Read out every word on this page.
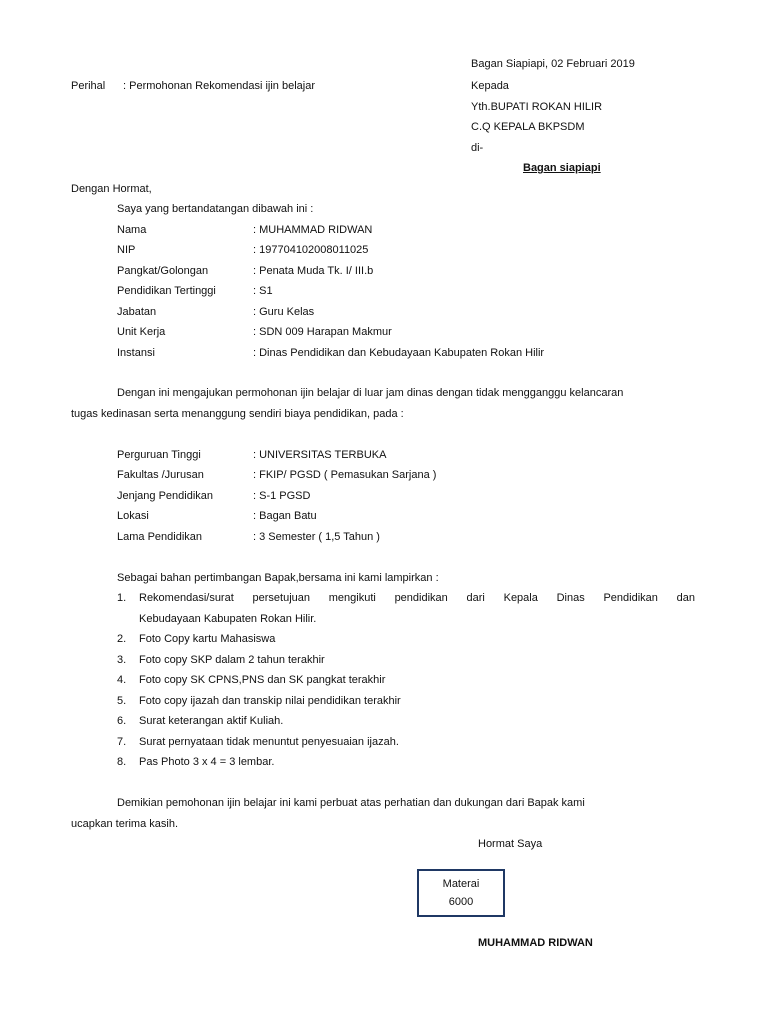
Bagan Siapiapi, 02 Februari 2019
Perihal : Permohonan Rekomendasi ijin belajar	Kepada
Yth.BUPATI ROKAN HILIR
C.Q KEPALA BKPSDM
di-
Bagan siapiapi
Dengan Hormat,
Saya yang bertandatangan dibawah ini :
Nama	: MUHAMMAD RIDWAN
NIP	: 197704102008011025
Pangkat/Golongan	: Penata Muda Tk. I/ III.b
Pendidikan Tertinggi	: S1
Jabatan	: Guru Kelas
Unit Kerja	: SDN 009 Harapan Makmur
Instansi	: Dinas Pendidikan dan Kebudayaan Kabupaten Rokan Hilir
Dengan ini mengajukan permohonan ijin belajar di luar jam dinas dengan tidak mengganggu kelancaran
tugas kedinasan serta menanggung sendiri biaya pendidikan, pada :
Perguruan Tinggi	: UNIVERSITAS TERBUKA
Fakultas /Jurusan	: FKIP/ PGSD ( Pemasukan Sarjana )
Jenjang Pendidikan	: S-1 PGSD
Lokasi	: Bagan Batu
Lama Pendidikan	: 3 Semester ( 1,5 Tahun )
Sebagai bahan pertimbangan Bapak,bersama ini kami lampirkan :
1. Rekomendasi/surat persetujuan mengikuti pendidikan dari Kepala Dinas Pendidikan dan
Kebudayaan Kabupaten Rokan Hilir.
2. Foto Copy kartu Mahasiswa
3. Foto copy SKP dalam 2 tahun terakhir
4. Foto copy SK CPNS,PNS dan SK pangkat terakhir
5. Foto copy ijazah dan transkip nilai pendidikan terakhir
6. Surat keterangan aktif Kuliah.
7. Surat pernyataan tidak menuntut penyesuaian ijazah.
8. Pas Photo 3 x 4 = 3 lembar.
Demikian pemohonan ijin belajar ini kami perbuat atas perhatian dan dukungan dari Bapak kami
ucapkan terima kasih.
Hormat Saya
Materai
6000
MUHAMMAD RIDWAN
